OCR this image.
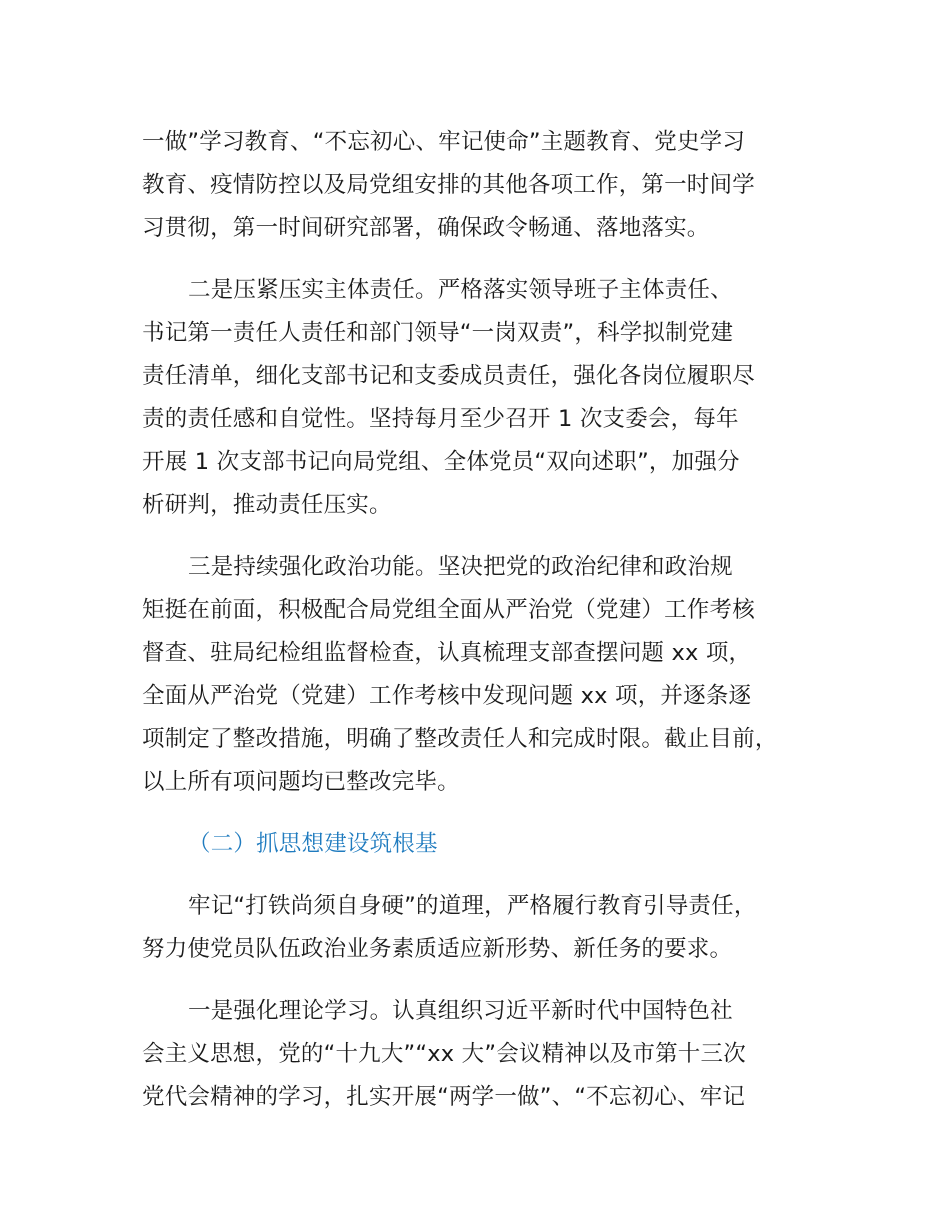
一做”学习教育、“不忘初心、牢记使命”主题教育、党史学习
教育、疫情防控以及局党组安排的其他各项工作，第一时间学
习贯彻，第一时间研究部署，确保政令畅通、落地落实。
二是压紧压实主体责任。严格落实领导班子主体责任、
书记第一责任人责任和部门领导“一岗双责”，科学拟制党建
责任清单，细化支部书记和支委成员责任，强化各岗位履职尽
责的责任感和自觉性。坚持每月至少召开 1 次支委会，每年
开展 1 次支部书记向局党组、全体党员“双向述职”，加强分
析研判，推动责任压实。
三是持续强化政治功能。坚决把党的政治纪律和政治规
矩挺在前面，积极配合局党组全面从严治党（党建）工作考核
督查、驻局纪检组监督检查，认真梳理支部查摆问题 xx 项，
全面从严治党（党建）工作考核中发现问题 xx 项，并逐条逐
项制定了整改措施，明确了整改责任人和完成时限。截止目前，
以上所有项问题均已整改完毕。
（二）抓思想建设筑根基
牢记“打铁尚须自身硬”的道理，严格履行教育引导责任，
努力使党员队伍政治业务素质适应新形势、新任务的要求。
一是强化理论学习。认真组织习近平新时代中国特色社
会主义思想，党的“十九大”“xx 大”会议精神以及市第十三次
党代会精神的学习，扎实开展“两学一做”、“不忘初心、牢记
